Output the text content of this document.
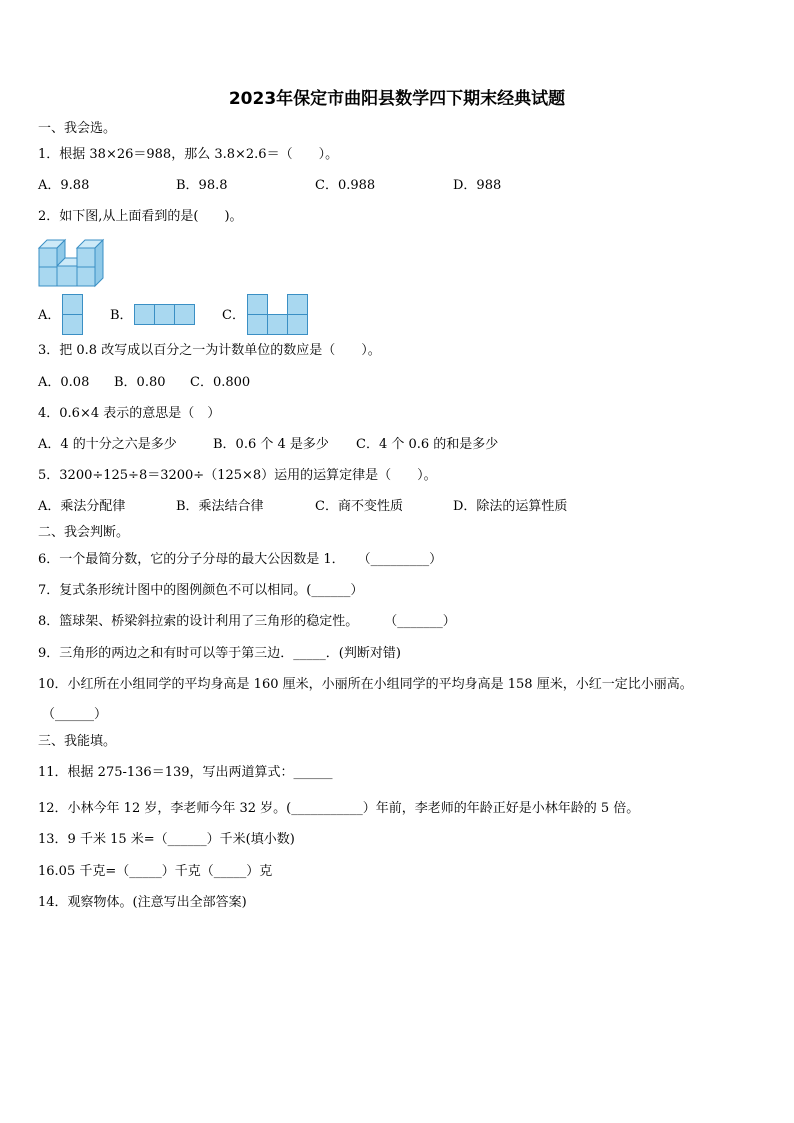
2023年保定市曲阳县数学四下期末经典试题
一、我会选。
1．根据 38×26＝988，那么 3.8×2.6＝（　　）。
A．9.88	B．98.8	C．0.988	D．988
2．如下图,从上面看到的是(　　)。
A．	B．	C．
3．把 0.8 改写成以百分之一为计数单位的数应是（　　）。
A．0.08 B．0.80 C．0.800
4．0.6×4 表示的意思是（　）
A．4 的十分之六是多少	B．0.6 个 4 是多少 C．4 个 0.6 的和是多少
5．3200÷125÷8＝3200÷（125×8）运用的运算定律是（　　）。
A．乘法分配律	B．乘法结合律	C．商不变性质	D．除法的运算性质
二、我会判断。
6．一个最简分数，它的分子分母的最大公因数是 1．　　（_________）
7．复式条形统计图中的图例颜色不可以相同。(______）
8．篮球架、桥梁斜拉索的设计利用了三角形的稳定性。　　　（_______）
9．三角形的两边之和有时可以等于第三边．_____．(判断对错)
10．小红所在小组同学的平均身高是 160 厘米，小丽所在小组同学的平均身高是 158 厘米，小红一定比小丽高。
（______）
三、我能填。
11．根据 275-136＝139，写出两道算式：______
12．小林今年 12 岁，李老师今年 32 岁。(___________）年前，李老师的年龄正好是小林年龄的 5 倍。
13．9 千米 15 米=（______）千米(填小数)
16.05 千克=（_____）千克（_____）克
14．观察物体。(注意写出全部答案)
